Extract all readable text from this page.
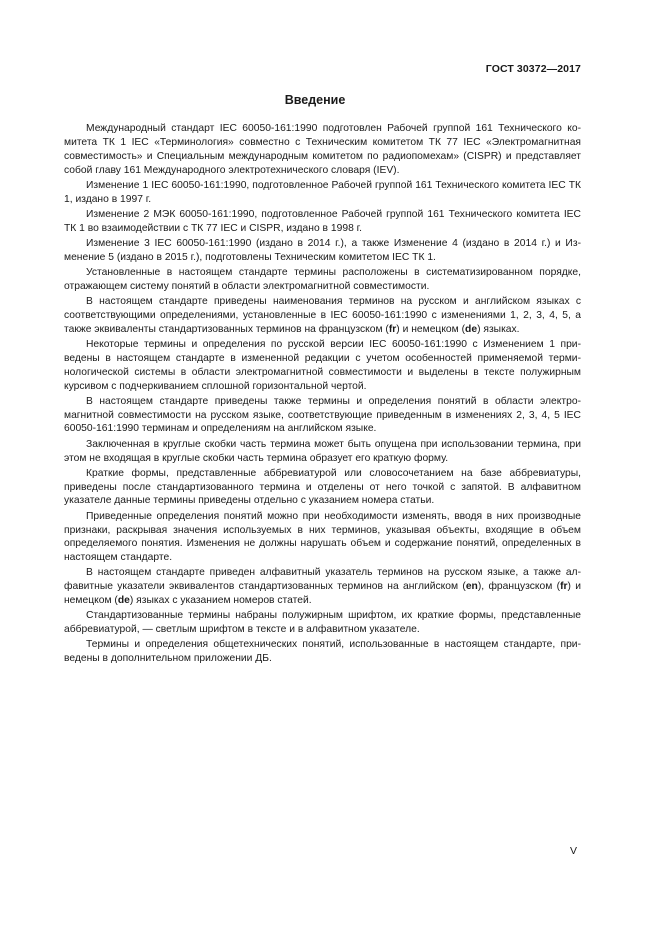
ГОСТ 30372—2017
Введение

Международный стандарт IEC 60050-161:1990 подготовлен Рабочей группой 161 Технического комитета ТК 1 IEC «Терминология» совместно с Техническим комитетом ТК 77 IEC «Электромагнитная совместимость» и Специальным международным комитетом по радиопомехам» (CISPR) и представляет собой главу 161 Международного электротехнического словаря (IEV).

Изменение 1 IEC 60050-161:1990, подготовленное Рабочей группой 161 Технического комитета IEC ТК 1, издано в 1997 г.

Изменение 2 МЭК 60050-161:1990, подготовленное Рабочей группой 161 Технического комитета IEC ТК 1 во взаимодействии с ТК 77 IEC и CISPR, издано в 1998 г.

Изменение 3 IEC 60050-161:1990 (издано в 2014 г.), а также Изменение 4 (издано в 2014 г.) и Изменение 5 (издано в 2015 г.), подготовлены Техническим комитетом IEC ТК 1.

Установленные в настоящем стандарте термины расположены в систематизированном порядке, отражающем систему понятий в области электромагнитной совместимости.

В настоящем стандарте приведены наименования терминов на русском и английском языках с соответствующими определениями, установленные в IEC 60050-161:1990 с изменениями 1, 2, 3, 4, 5, а также эквиваленты стандартизованных терминов на французском (fr) и немецком (de) языках.

Некоторые термины и определения по русской версии IEC 60050-161:1990 с Изменением 1 приведены в настоящем стандарте в измененной редакции с учетом особенностей применяемой терминологической системы в области электромагнитной совместимости и выделены в тексте полужирным курсивом с подчеркиванием сплошной горизонтальной чертой.

В настоящем стандарте приведены также термины и определения понятий в области электромагнитной совместимости на русском языке, соответствующие приведенным в изменениях 2, 3, 4, 5 IEC 60050-161:1990 терминам и определениям на английском языке.

Заключенная в круглые скобки часть термина может быть опущена при использовании термина, при этом не входящая в круглые скобки часть термина образует его краткую форму.

Краткие формы, представленные аббревиатурой или словосочетанием на базе аббревиатуры, приведены после стандартизованного термина и отделены от него точкой с запятой. В алфавитном указателе данные термины приведены отдельно с указанием номера статьи.

Приведенные определения понятий можно при необходимости изменять, вводя в них производные признаки, раскрывая значения используемых в них терминов, указывая объекты, входящие в объем определяемого понятия. Изменения не должны нарушать объем и содержание понятий, определенных в настоящем стандарте.

В настоящем стандарте приведен алфавитный указатель терминов на русском языке, а также алфавитные указатели эквивалентов стандартизованных терминов на английском (en), французском (fr) и немецком (de) языках с указанием номеров статей.

Стандартизованные термины набраны полужирным шрифтом, их краткие формы, представленные аббревиатурой, — светлым шрифтом в тексте и в алфавитном указателе.

Термины и определения общетехнических понятий, использованные в настоящем стандарте, приведены в дополнительном приложении ДБ.

V
